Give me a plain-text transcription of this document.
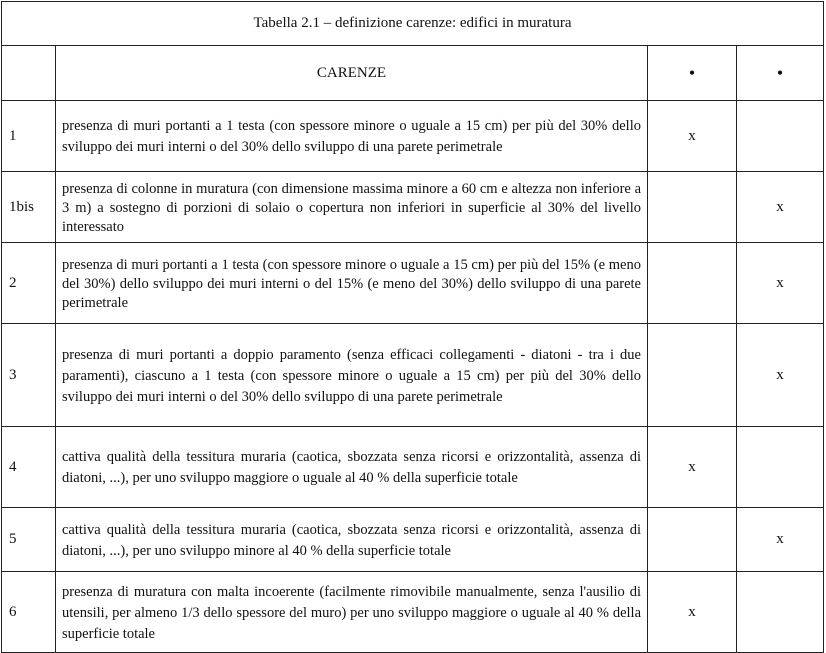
Tabella 2.1 – definizione carenze: edifici in muratura			
	CARENZE	•	•
1	presenza di muri portanti a 1 testa (con spessore minore o uguale a 15 cm) per più del 30% dello sviluppo dei muri interni o del 30% dello sviluppo di una parete perimetrale	x	
1bis	presenza di colonne in muratura (con dimensione massima minore a 60 cm e altezza non inferiore a 3 m) a sostegno di porzioni di solaio o copertura non inferiori in superficie al 30% del livello interessato		x
2	presenza di muri portanti a 1 testa (con spessore minore o uguale a 15 cm) per più del 15% (e meno del 30%) dello sviluppo dei muri interni o del 15% (e meno del 30%) dello sviluppo di una parete perimetrale		x
3	presenza di muri portanti a doppio paramento (senza efficaci collegamenti - diatoni - tra i due paramenti), ciascuno a 1 testa (con spessore minore o uguale a 15 cm) per più del 30% dello sviluppo dei muri interni o del 30% dello sviluppo di una parete perimetrale		x
4	cattiva qualità della tessitura muraria (caotica, sbozzata senza ricorsi e orizzontalità, assenza di diatoni, ...), per uno sviluppo maggiore o uguale al 40 % della superficie totale	x	
5	cattiva qualità della tessitura muraria (caotica, sbozzata senza ricorsi e orizzontalità, assenza di diatoni, ...), per uno sviluppo minore al 40 % della superficie totale		x
6	presenza di muratura con malta incoerente (facilmente rimovibile manualmente, senza l'ausilio di utensili, per almeno 1/3 dello spessore del muro) per uno sviluppo maggiore o uguale al 40 % della superficie totale	x	
